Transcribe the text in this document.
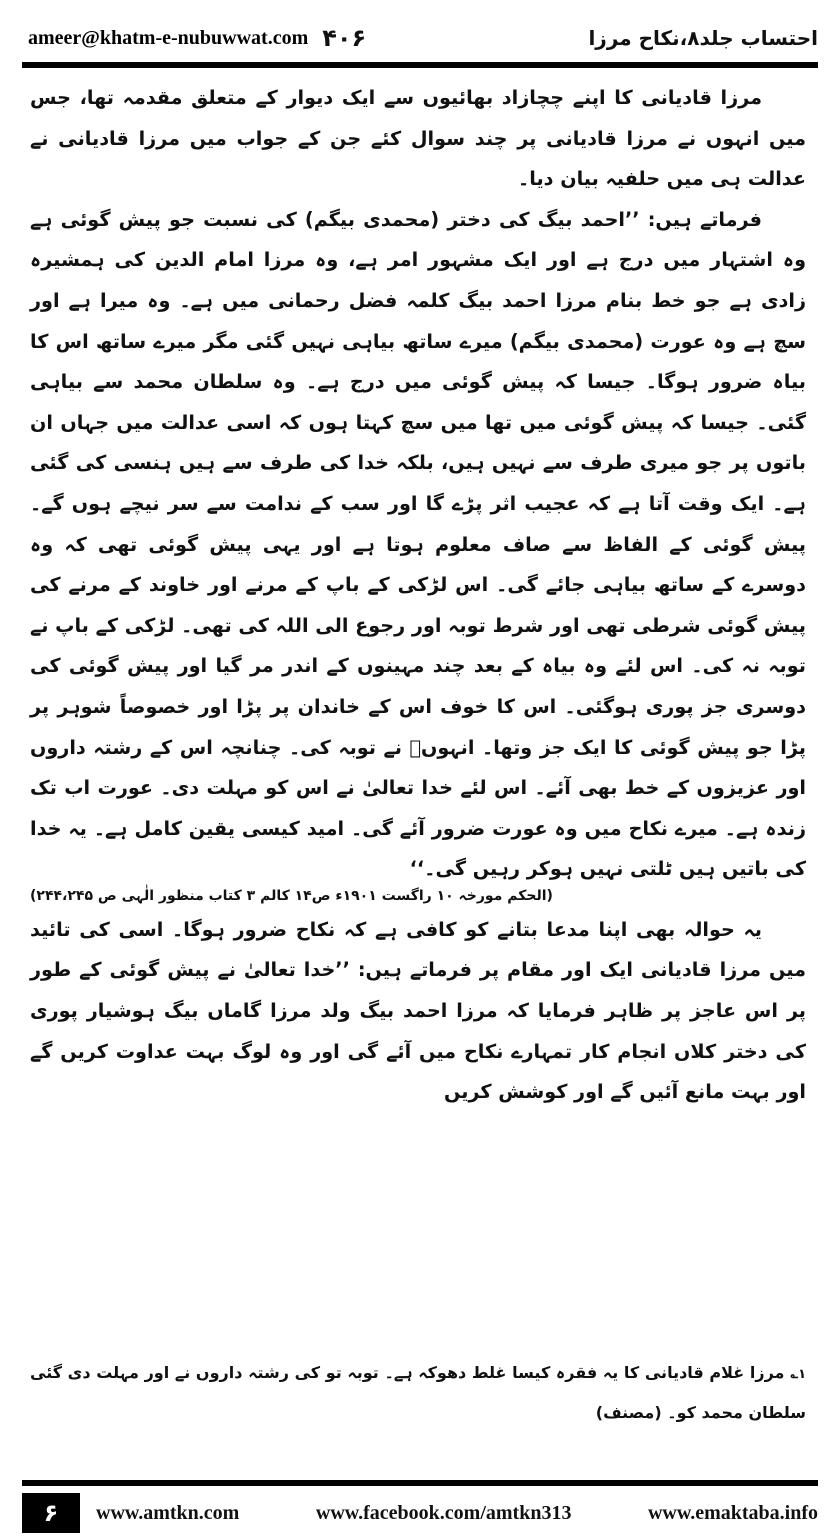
ameer@khatm-e-nubuwwat.com ۴۰۶	احتساب جلد۸،نکاح مرزا

مرزا قادیانی کا اپنے چچازاد بھائیوں سے ایک دیوار کے متعلق مقدمہ تھا، جس میں انہوں نے مرزا قادیانی پر چند سوال کئے جن کے جواب میں مرزا قادیانی نے عدالت ہی میں حلفیہ بیان دیا۔

فرماتے ہیں: ’’احمد بیگ کی دختر (محمدی بیگم) کی نسبت جو پیش گوئی ہے وہ اشتہار میں درج ہے اور ایک مشہور امر ہے، وہ مرزا امام الدین کی ہمشیرہ زادی ہے جو خط بنام مرزا احمد بیگ کلمہ فضل رحمانی میں ہے۔ وہ میرا ہے اور سچ ہے وہ عورت (محمدی بیگم) میرے ساتھ بیاہی نہیں گئی مگر میرے ساتھ اس کا بیاہ ضرور ہوگا۔ جیسا کہ پیش گوئی میں درج ہے۔ وہ سلطان محمد سے بیاہی گئی۔ جیسا کہ پیش گوئی میں تھا میں سچ کہتا ہوں کہ اسی عدالت میں جہاں ان باتوں پر جو میری طرف سے نہیں ہیں، بلکہ خدا کی طرف سے ہیں ہنسی کی گئی ہے۔ ایک وقت آتا ہے کہ عجیب اثر پڑے گا اور سب کے ندامت سے سر نیچے ہوں گے۔ پیش گوئی کے الفاظ سے صاف معلوم ہوتا ہے اور یہی پیش گوئی تھی کہ وہ دوسرے کے ساتھ بیاہی جائے گی۔ اس لڑکی کے باپ کے مرنے اور خاوند کے مرنے کی پیش گوئی شرطی تھی اور شرط توبہ اور رجوع الی اللہ کی تھی۔ لڑکی کے باپ نے توبہ نہ کی۔ اس لئے وہ بیاہ کے بعد چند مہینوں کے اندر مر گیا اور پیش گوئی کی دوسری جز پوری ہوگئی۔ اس کا خوف اس کے خاندان پر پڑا اور خصوصاً شوہر پر پڑا جو پیش گوئی کا ایک جز وتھا۔ انہوںؒ نے توبہ کی۔ چنانچہ اس کے رشتہ داروں اور عزیزوں کے خط بھی آئے۔ اس لئے خدا تعالیٰ نے اس کو مہلت دی۔ عورت اب تک زندہ ہے۔ میرے نکاح میں وہ عورت ضرور آئے گی۔ امید کیسی یقین کامل ہے۔ یہ خدا کی باتیں ہیں ٹلتی نہیں ہوکر رہیں گی۔‘‘

(الحکم مورخہ ۱۰ راگست ۱۹۰۱ء ص۱۴ کالم ۳ کتاب منظور الٰہی ص ۲۴۴،۲۴۵)

یہ حوالہ بھی اپنا مدعا بتانے کو کافی ہے کہ نکاح ضرور ہوگا۔ اسی کی تائید میں مرزا قادیانی ایک اور مقام پر فرماتے ہیں: ’’خدا تعالیٰ نے پیش گوئی کے طور پر اس عاجز پر ظاہر فرمایا کہ مرزا احمد بیگ ولد مرزا گاماں بیگ ہوشیار پوری کی دختر کلاں انجام کار تمہارے نکاح میں آئے گی اور وہ لوگ بہت عداوت کریں گے اور بہت مانع آئیں گے اور کوشش کریں

۱؎مرزا غلام قادیانی کا یہ فقرہ کیسا غلط دھوکہ ہے۔ توبہ تو کی رشتہ داروں نے اور مہلت دی گئی سلطان محمد کو۔ (مصنف)

۶	www.amtkn.com	www.facebook.com/amtkn313	www.emaktaba.info
